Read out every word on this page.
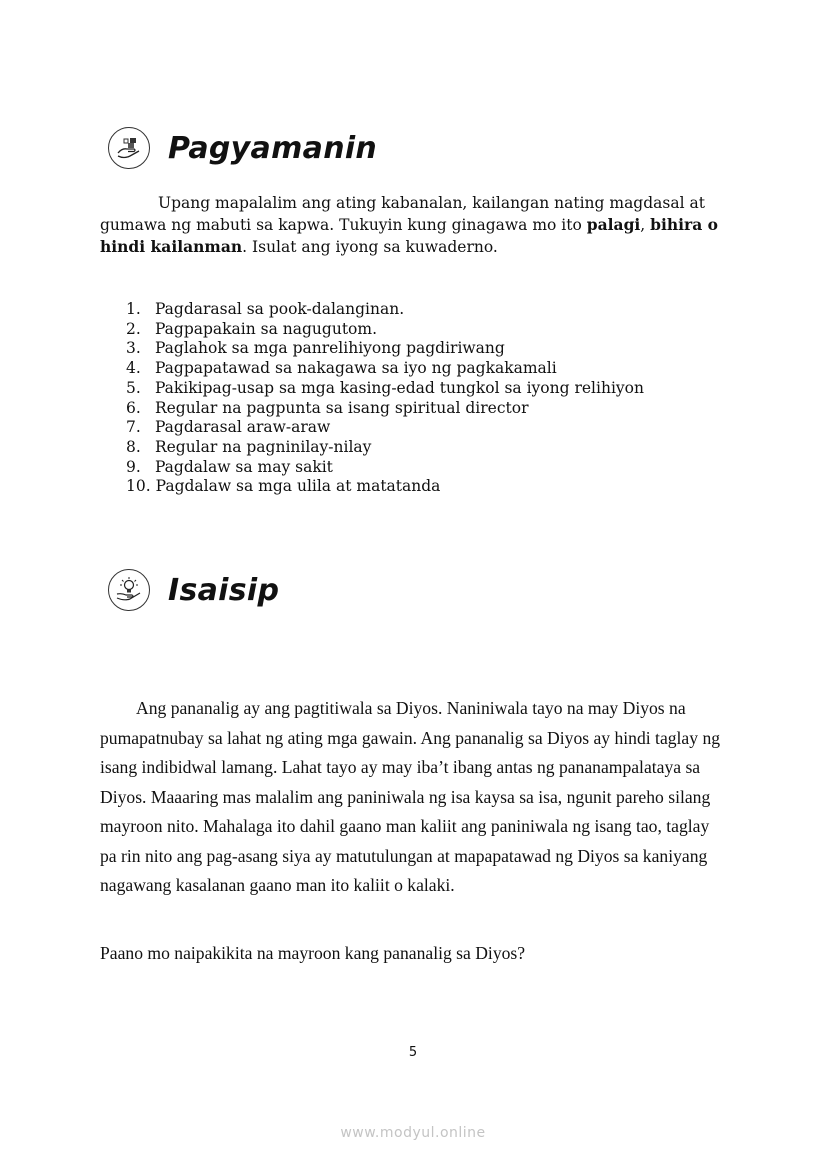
Pagyamanin

Upang mapalalim ang ating kabanalan, kailangan nating magdasal at gumawa ng mabuti sa kapwa. Tukuyin kung ginagawa mo ito palagi, bihira o hindi kailanman. Isulat ang iyong sa kuwaderno.

1. Pagdarasal sa pook-dalanginan.
2. Pagpapakain sa nagugutom.
3. Paglahok sa mga panrelihiyong pagdiriwang
4. Pagpapatawad sa nakagawa sa iyo ng pagkakamali
5. Pakikipag-usap sa mga kasing-edad tungkol sa iyong relihiyon
6. Regular na pagpunta sa isang spiritual director
7. Pagdarasal araw-araw
8. Regular na pagninilay-nilay
9. Pagdalaw sa may sakit
10. Pagdalaw sa mga ulila at matatanda
Isaisip

Ang pananalig ay ang pagtitiwala sa Diyos. Naniniwala tayo na may Diyos na pumapatnubay sa lahat ng ating mga gawain. Ang pananalig sa Diyos ay hindi taglay ng isang indibidwal lamang. Lahat tayo ay may iba’t ibang antas ng pananampalataya sa Diyos. Maaaring mas malalim ang paniniwala ng isa kaysa sa isa, ngunit pareho silang mayroon nito. Mahalaga ito dahil gaano man kaliit ang paniniwala ng isang tao, taglay pa rin nito ang pag-asang siya ay matutulungan at mapapatawad ng Diyos sa kaniyang nagawang kasalanan gaano man ito kaliit o kalaki.

Paano mo naipakikita na mayroon kang pananalig sa Diyos?

5
www.modyul.online
